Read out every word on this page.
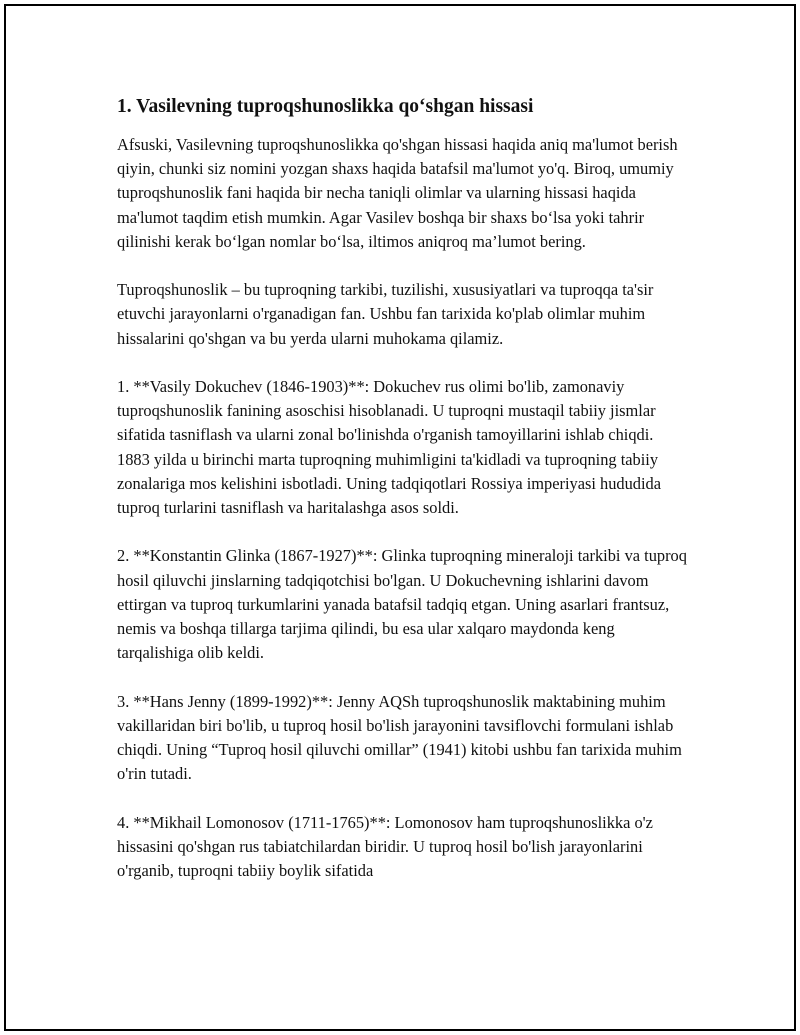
1. Vasilevning tuproqshunoslikka qo‘shgan hissasi

Afsuski, Vasilevning tuproqshunoslikka qo'shgan hissasi haqida aniq ma'lumot berish qiyin, chunki siz nomini yozgan shaxs haqida batafsil ma'lumot yo'q. Biroq, umumiy tuproqshunoslik fani haqida bir necha taniqli olimlar va ularning hissasi haqida ma'lumot taqdim etish mumkin. Agar Vasilev boshqa bir shaxs bo‘lsa yoki tahrir qilinishi kerak bo‘lgan nomlar bo‘lsa, iltimos aniqroq ma’lumot bering.

Tuproqshunoslik – bu tuproqning tarkibi, tuzilishi, xususiyatlari va tuproqqa ta'sir etuvchi jarayonlarni o'rganadigan fan. Ushbu fan tarixida ko'plab olimlar muhim hissalarini qo'shgan va bu yerda ularni muhokama qilamiz.

1. **Vasily Dokuchev (1846-1903)**: Dokuchev rus olimi bo'lib, zamonaviy tuproqshunoslik fanining asoschisi hisoblanadi. U tuproqni mustaqil tabiiy jismlar sifatida tasniflash va ularni zonal bo'linishda o'rganish tamoyillarini ishlab chiqdi. 1883 yilda u birinchi marta tuproqning muhimligini ta'kidladi va tuproqning tabiiy zonalariga mos kelishini isbotladi. Uning tadqiqotlari Rossiya imperiyasi hududida tuproq turlarini tasniflash va haritalashga asos soldi.

2. **Konstantin Glinka (1867-1927)**: Glinka tuproqning mineraloji tarkibi va tuproq hosil qiluvchi jinslarning tadqiqotchisi bo'lgan. U Dokuchevning ishlarini davom ettirgan va tuproq turkumlarini yanada batafsil tadqiq etgan. Uning asarlari frantsuz, nemis va boshqa tillarga tarjima qilindi, bu esa ular xalqaro maydonda keng tarqalishiga olib keldi.

3. **Hans Jenny (1899-1992)**: Jenny AQSh tuproqshunoslik maktabining muhim vakillaridan biri bo'lib, u tuproq hosil bo'lish jarayonini tavsiflovchi formulani ishlab chiqdi. Uning “Tuproq hosil qiluvchi omillar” (1941) kitobi ushbu fan tarixida muhim o'rin tutadi.

4. **Mikhail Lomonosov (1711-1765)**: Lomonosov ham tuproqshunoslikka o'z hissasini qo'shgan rus tabiatchilardan biridir. U tuproq hosil bo'lish jarayonlarini o'rganib, tuproqni tabiiy boylik sifatida
